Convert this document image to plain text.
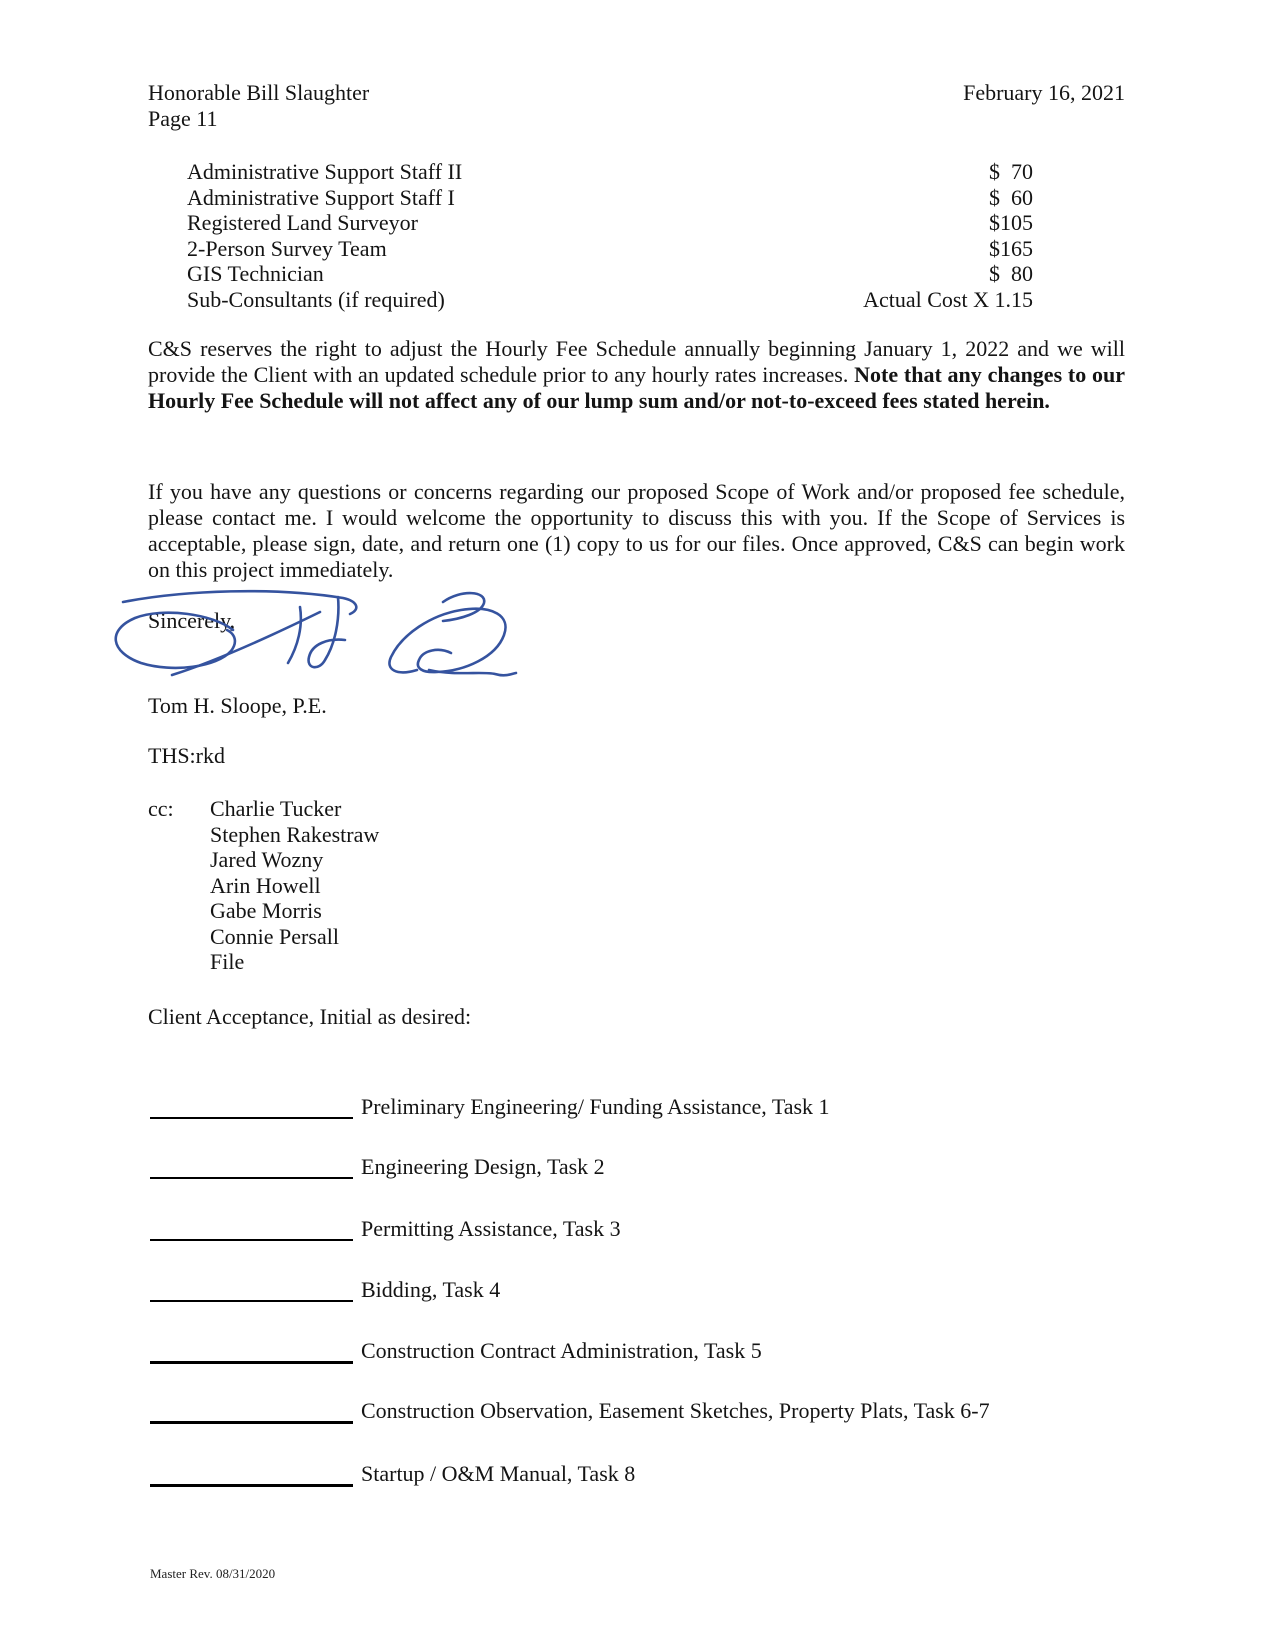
Honorable Bill Slaughter	February 16, 2021
Page 11
Administrative Support Staff II	$  70
Administrative Support Staff I	$  60
Registered Land Surveyor	$105
2-Person Survey Team	$165
GIS Technician	$  80
Sub-Consultants (if required)	Actual Cost X 1.15
C&S reserves the right to adjust the Hourly Fee Schedule annually beginning January 1, 2022 and we will provide the Client with an updated schedule prior to any hourly rates increases. Note that any changes to our Hourly Fee Schedule will not affect any of our lump sum and/or not-to-exceed fees stated herein.
If you have any questions or concerns regarding our proposed Scope of Work and/or proposed fee schedule, please contact me. I would welcome the opportunity to discuss this with you. If the Scope of Services is acceptable, please sign, date, and return one (1) copy to us for our files. Once approved, C&S can begin work on this project immediately.
Sincerely,
Tom H. Sloope, P.E.
THS:rkd
cc:	Charlie Tucker
Stephen Rakestraw
Jared Wozny
Arin Howell
Gabe Morris
Connie Persall
File
Client Acceptance, Initial as desired:
Preliminary Engineering/ Funding Assistance, Task 1
Engineering Design, Task 2
Permitting Assistance, Task 3
Bidding, Task 4
Construction Contract Administration, Task 5
Construction Observation, Easement Sketches, Property Plats, Task 6-7
Startup / O&M Manual, Task 8
Master Rev. 08/31/2020
